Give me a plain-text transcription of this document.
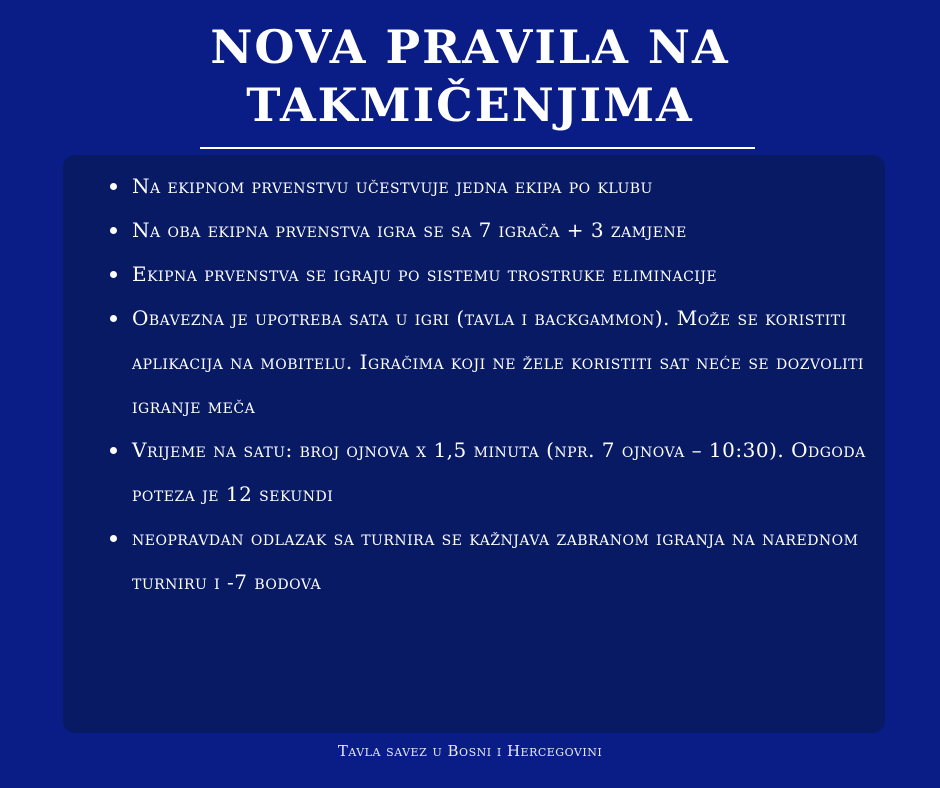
NOVA PRAVILA NA
TAKMIČENJIMA
Na ekipnom prvenstvu učestvuje jedna ekipa po klubu
Na oba ekipna prvenstva igra se sa 7 igrača + 3 zamjene
Ekipna prvenstva se igraju po sistemu trostruke eliminacije
Obavezna je upotreba sata u igri (tavla i backgammon). Može se koristiti aplikacija na mobitelu. Igračima koji ne žele koristiti sat neće se dozvoliti igranje meča
Vrijeme na satu: broj ojnova x 1,5 minuta (npr. 7 ojnova – 10:30). Odgoda poteza je 12 sekundi
neopravdan odlazak sa turnira se kažnjava zabranom igranja na narednom turniru i -7 bodova
Tavla savez u Bosni i Hercegovini
